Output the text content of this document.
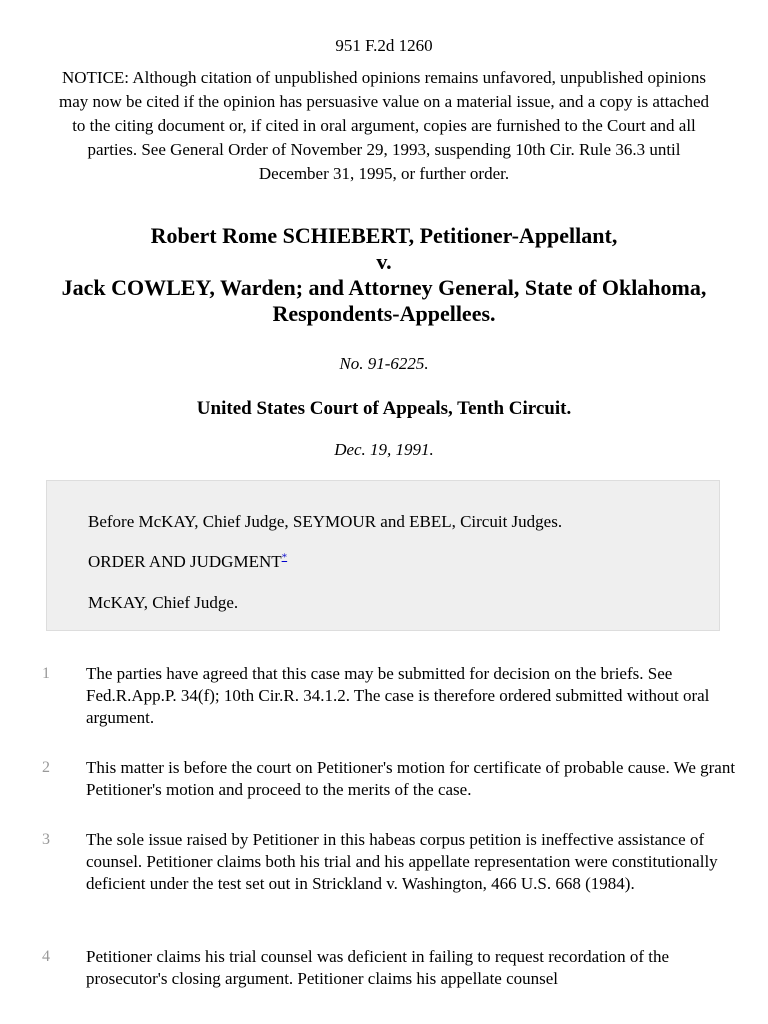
951 F.2d 1260
NOTICE: Although citation of unpublished opinions remains unfavored, unpublished opinions may now be cited if the opinion has persuasive value on a material issue, and a copy is attached to the citing document or, if cited in oral argument, copies are furnished to the Court and all parties. See General Order of November 29, 1993, suspending 10th Cir. Rule 36.3 until December 31, 1995, or further order.
Robert Rome SCHIEBERT, Petitioner-Appellant,
v.
Jack COWLEY, Warden; and Attorney General, State of Oklahoma, Respondents-Appellees.
No. 91-6225.
United States Court of Appeals, Tenth Circuit.
Dec. 19, 1991.

Before McKAY, Chief Judge, SEYMOUR and EBEL, Circuit Judges.

ORDER AND JUDGMENT*

McKAY, Chief Judge.

1	The parties have agreed that this case may be submitted for decision on the briefs. See Fed.R.App.P. 34(f); 10th Cir.R. 34.1.2. The case is therefore ordered submitted without oral argument.
2	This matter is before the court on Petitioner's motion for certificate of probable cause. We grant Petitioner's motion and proceed to the merits of the case.
3	The sole issue raised by Petitioner in this habeas corpus petition is ineffective assistance of counsel. Petitioner claims both his trial and his appellate representation were constitutionally deficient under the test set out in Strickland v. Washington, 466 U.S. 668 (1984).
4	Petitioner claims his trial counsel was deficient in failing to request recordation of the prosecutor's closing argument. Petitioner claims his appellate counsel
